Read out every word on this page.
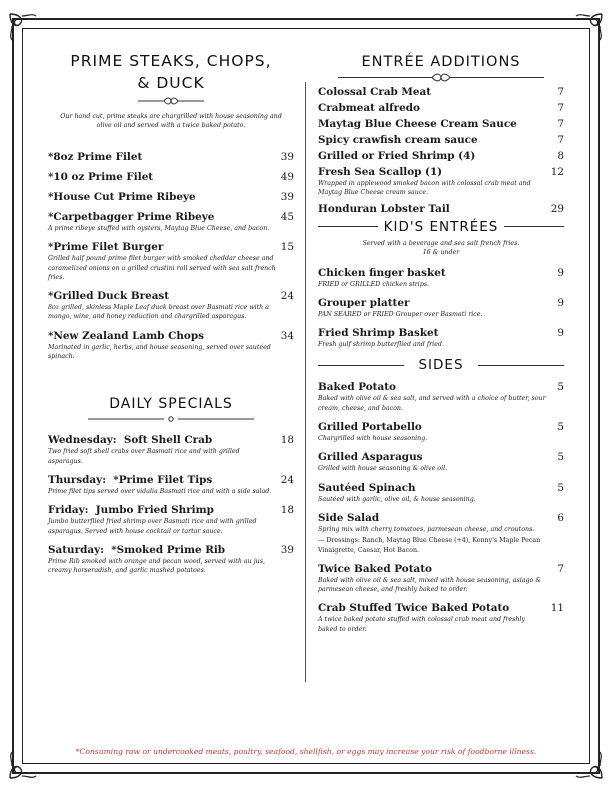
PRIME STEAKS, CHOPS, & DUCK
Our hand cut, prime steaks are chargrilled with house seasoning and olive oil and served with a twice baked potato.
*8oz Prime Filet	39
*10 oz Prime Filet	49
*House Cut Prime Ribeye	39
*Carpetbagger Prime Ribeye	45
A prime ribeye stuffed with oysters, Maytag Blue Cheese, and bacon.
*Prime Filet Burger	15
Grilled half pound prime filet burger with smoked cheddar cheese and caramelized onions on a grilled crustini roll served with sea salt french fries.
*Grilled Duck Breast	24
8oz grilled, skinless Maple Leaf duck breast over Basmati rice with a mango, wine, and honey reduction and chargrilled asparagus.
*New Zealand Lamb Chops	34
Marinated in garlic, herbs, and house seasoning, served over sautéed spinach.
DAILY SPECIALS
Wednesday: Soft Shell Crab	18
Two fried soft shell crabs over Basmati rice and with grilled asparagus.
Thursday: *Prime Filet Tips	24
Prime filet tips served over vidalia Basmati rice and with a side salad.
Friday: Jumbo Fried Shrimp	18
Jumbo butterflied fried shrimp over Basmati rice and with grilled asparagus. Served with house cocktail or tartar sauce.
Saturday: *Smoked Prime Rib	39
Prime Rib smoked with orange and pecan wood, served with au jus, creamy horseradish, and garlic mashed potatoes.
ENTRÉE ADDITIONS
Colossal Crab Meat	7
Crabmeat alfredo	7
Maytag Blue Cheese Cream Sauce	7
Spicy crawfish cream sauce	7
Grilled or Fried Shrimp (4)	8
Fresh Sea Scallop (1)	12
Wrapped in applewood smoked bacon with colossal crab meat and Maytag Blue Cheese cream sauce.
Honduran Lobster Tail	29
KID'S ENTRÉES
Served with a beverage and sea salt french fries.
16 & under
Chicken finger basket	9
FRIED or GRILLED chicken strips.
Grouper platter	9
PAN SEARED or FRIED Grouper over Basmati rice.
Fried Shrimp Basket	9
Fresh gulf shrimp butterflied and fried.
SIDES
Baked Potato	5
Baked with olive oil & sea salt, and served with a choice of butter, sour cream, cheese, and bacon.
Grilled Portabello	5
Chargrilled with house seasoning.
Grilled Asparagus	5
Grilled with house seasoning & olive oil.
Sautéed Spinach	5
Sautéed with garlic, olive oil, & house seasoning.
Side Salad	6
Spring mix with cherry tomatoes, parmesean cheese, and croutons.
— Dressings: Ranch, Maytag Blue Cheese (+4), Kenny's Maple Pecan Vinaigrette, Caesar, Hot Bacon.
Twice Baked Potato	7
Baked with olive oil & sea salt, mixed with house seasoning, asiago & parmesean cheese, and freshly baked to order.
Crab Stuffed Twice Baked Potato	11
A twice baked potato stuffed with colossal crab meat and freshly baked to order.
*Consuming raw or undercooked meats, poultry, seafood, shellfish, or eggs may increase your risk of foodborne illness.
